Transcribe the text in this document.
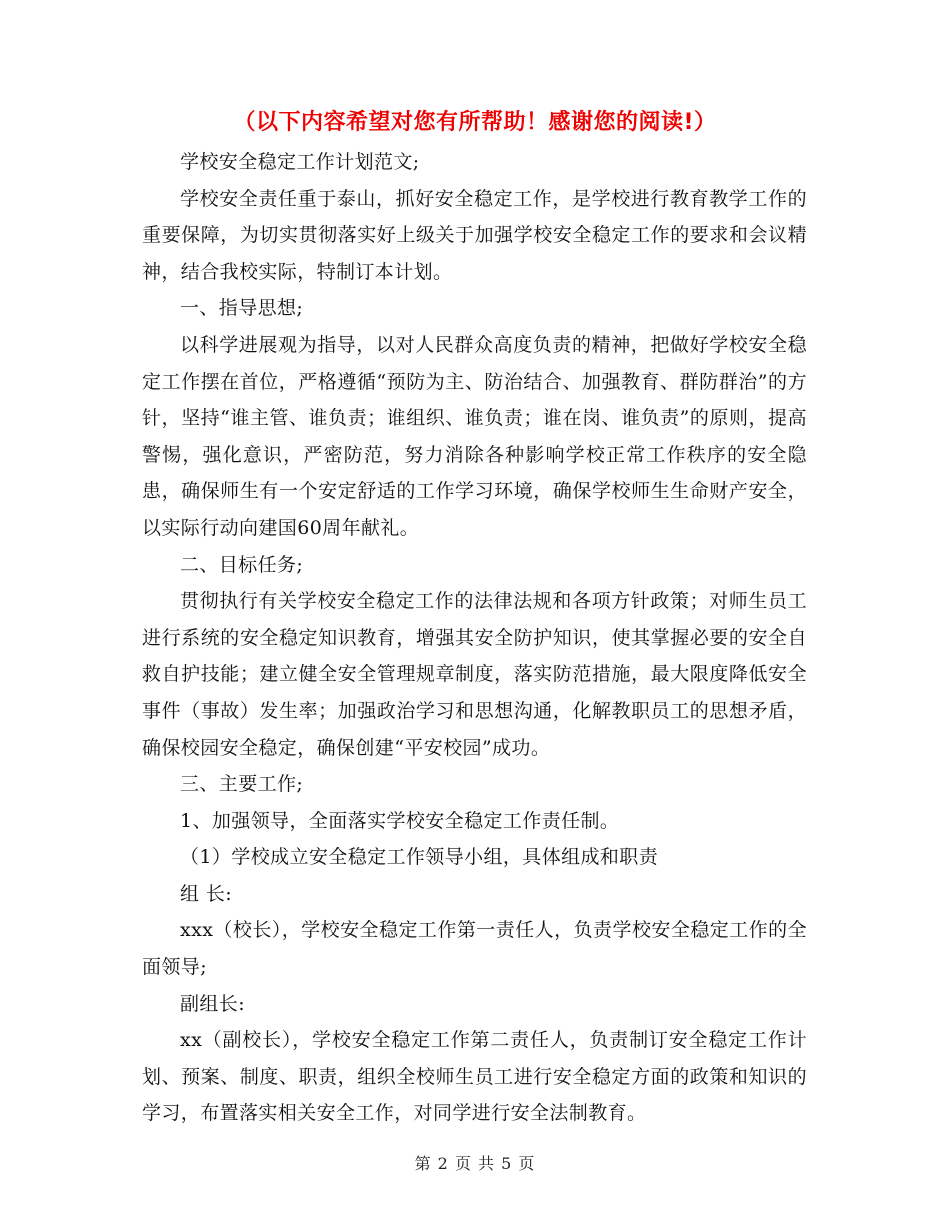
（以下内容希望对您有所帮助！感谢您的阅读!）

学校安全稳定工作计划范文;

学校安全责任重于泰山，抓好安全稳定工作，是学校进行教育教学工作的重要保障，为切实贯彻落实好上级关于加强学校安全稳定工作的要求和会议精神，结合我校实际，特制订本计划。

一、指导思想;

以科学进展观为指导，以对人民群众高度负责的精神，把做好学校安全稳定工作摆在首位，严格遵循“预防为主、防治结合、加强教育、群防群治”的方针，坚持“谁主管、谁负责；谁组织、谁负责；谁在岗、谁负责”的原则，提高警惕，强化意识，严密防范，努力消除各种影响学校正常工作秩序的安全隐患，确保师生有一个安定舒适的工作学习环境，确保学校师生生命财产安全，以实际行动向建国60周年献礼。

二、目标任务;

贯彻执行有关学校安全稳定工作的法律法规和各项方针政策；对师生员工进行系统的安全稳定知识教育，增强其安全防护知识，使其掌握必要的安全自救自护技能；建立健全安全管理规章制度，落实防范措施，最大限度降低安全事件（事故）发生率；加强政治学习和思想沟通，化解教职员工的思想矛盾，确保校园安全稳定，确保创建“平安校园”成功。

三、主要工作;

1、加强领导，全面落实学校安全稳定工作责任制。

（1）学校成立安全稳定工作领导小组，具体组成和职责

组 长:

xxx（校长），学校安全稳定工作第一责任人，负责学校安全稳定工作的全面领导;

副组长:

xx（副校长），学校安全稳定工作第二责任人，负责制订安全稳定工作计划、预案、制度、职责，组织全校师生员工进行安全稳定方面的政策和知识的学习，布置落实相关安全工作，对同学进行安全法制教育。

第 2 页 共 5 页
